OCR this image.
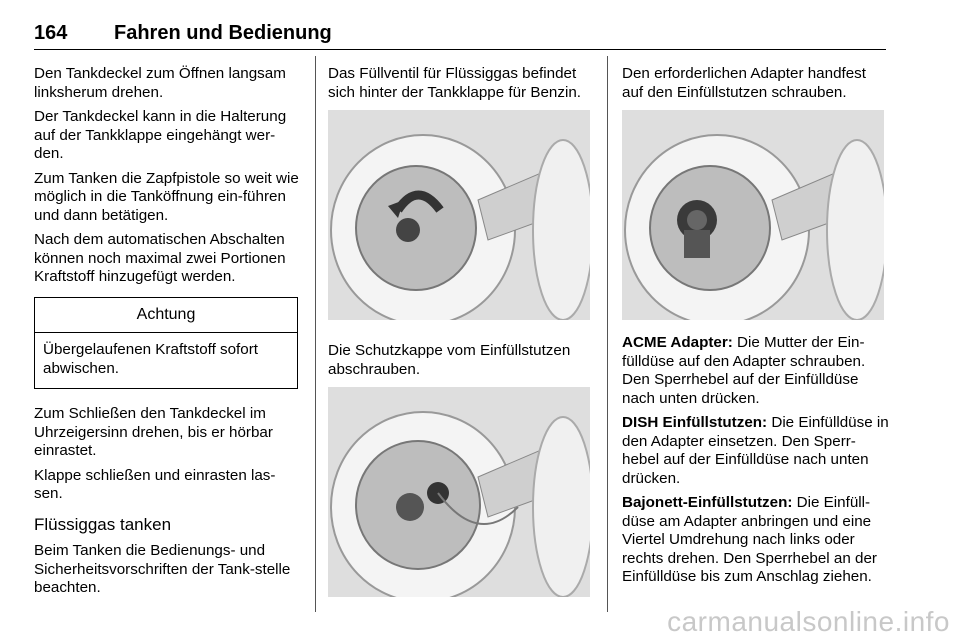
164 Fahren und Bedienung

Den Tankdeckel zum Öffnen langsam linksherum drehen.

Der Tankdeckel kann in die Halterung auf der Tankklappe eingehängt wer-den.

Zum Tanken die Zapfpistole so weit wie möglich in die Tanköffnung ein-führen und dann betätigen.

Nach dem automatischen Abschalten können noch maximal zwei Portionen Kraftstoff hinzugefügt werden.

Achtung
Übergelaufenen Kraftstoff sofort abwischen.

Zum Schließen den Tankdeckel im Uhrzeigersinn drehen, bis er hörbar einrastet.

Klappe schließen und einrasten las-sen.

Flüssiggas tanken

Beim Tanken die Bedienungs- und Sicherheitsvorschriften der Tank-stelle beachten.

Das Füllventil für Flüssiggas befindet sich hinter der Tankklappe für Benzin.

Die Schutzkappe vom Einfüllstutzen abschrauben.

Den erforderlichen Adapter handfest auf den Einfüllstutzen schrauben.

ACME Adapter: Die Mutter der Ein-fülldüse auf den Adapter schrauben. Den Sperrhebel auf der Einfülldüse nach unten drücken.

DISH Einfüllstutzen: Die Einfülldüse in den Adapter einsetzen. Den Sperr-hebel auf der Einfülldüse nach unten drücken.

Bajonett-Einfüllstutzen: Die Einfüll-düse am Adapter anbringen und eine Viertel Umdrehung nach links oder rechts drehen. Den Sperrhebel an der Einfülldüse bis zum Anschlag ziehen.

carmanualsonline.info
